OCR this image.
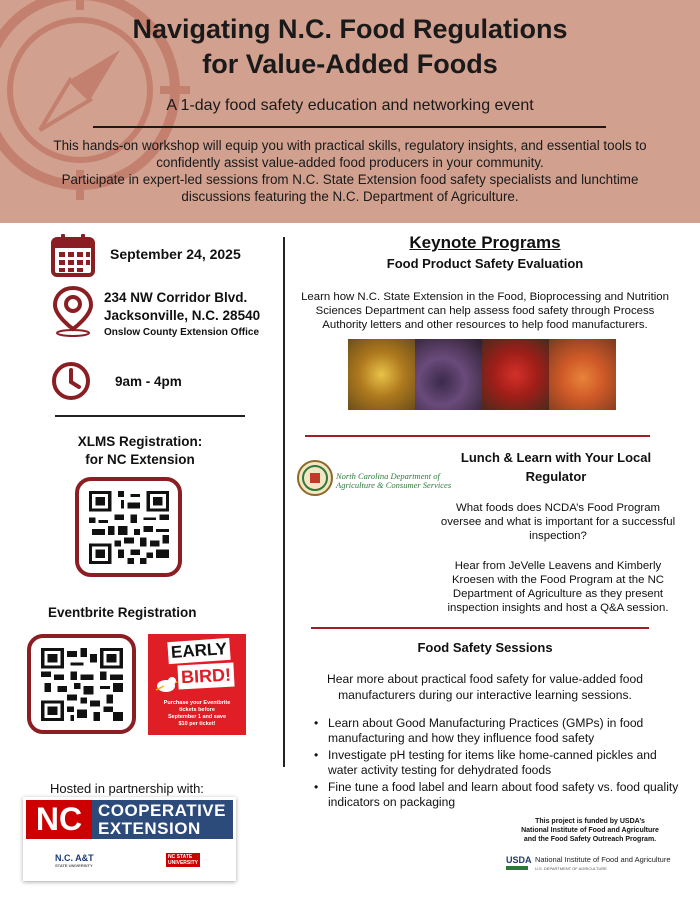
Navigating N.C. Food Regulations
for Value-Added Foods
A 1-day food safety education and networking event
This hands-on workshop will equip you with practical skills, regulatory insights, and essential tools to
confidently assist value-added food producers in your community.
Participate in expert-led sessions from N.C. State Extension food safety specialists and lunchtime
discussions featuring the N.C. Department of Agriculture.
September 24, 2025
234 NW Corridor Blvd.
Jacksonville, N.C. 28540
Onslow County Extension Office
9am - 4pm
XLMS Registration:
for NC Extension
Eventbrite Registration
EARLY
BIRD!
Purchase your Eventbrite
tickets before
September 1 and save
$10 per ticket!
Hosted in partnership with:
NC COOPERATIVE
EXTENSION
N.C. A&T
STATE UNIVERSITY
NC STATE
UNIVERSITY
Keynote Programs
Food Product Safety Evaluation
Learn how N.C. State Extension in the Food, Bioprocessing and Nutrition
Sciences Department can help assess food safety through Process
Authority letters and other resources to help food manufacturers.
Lunch & Learn with Your Local
Regulator
North Carolina Department of
Agriculture & Consumer Services
What foods does NCDA’s Food Program
oversee and what is important for a successful
inspection?
Hear from JeVelle Leavens and Kimberly
Kroesen with the Food Program at the NC
Department of Agriculture as they present
inspection insights and host a Q&A session.
Food Safety Sessions
Hear more about practical food safety for value-added food
manufacturers during our interactive learning sessions.
• Learn about Good Manufacturing Practices (GMPs) in food manufacturing and how they influence food safety
• Investigate pH testing for items like home-canned pickles and water activity testing for dehydrated foods
• Fine tune a food label and learn about food safety vs. food quality indicators on packaging
This project is funded by USDA’s
National Institute of Food and Agriculture
and the Food Safety Outreach Program.
USDA National Institute of Food and Agriculture
U.S. DEPARTMENT OF AGRICULTURE
